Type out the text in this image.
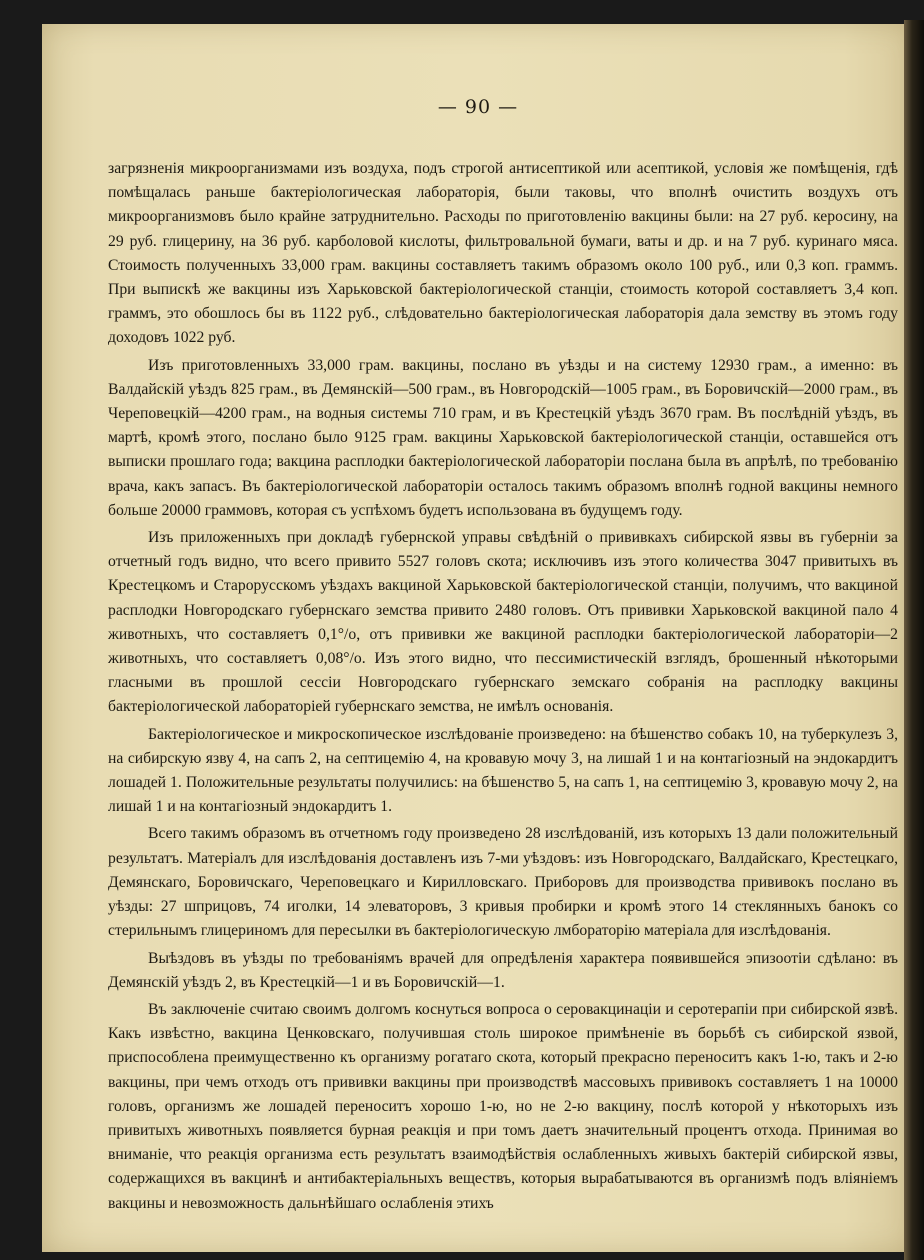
— 90 —

загрязненія микроорганизмами изъ воздуха, подъ строгой антисептикой или асептикой, условія же помѣщенія, гдѣ помѣщалась раньше бактеріологическая лабораторія, были таковы, что вполнѣ очистить воздухъ отъ микроорганизмовъ было крайне затруднительно. Расходы по приготовленію вакцины были: на 27 руб. керосину, на 29 руб. глицерину, на 36 руб. карболовой кислоты, фильтровальной бумаги, ваты и др. и на 7 руб. куринаго мяса. Стоимость полученныхъ 33,000 грам. вакцины составляетъ такимъ образомъ около 100 руб., или 0,3 коп. граммъ. При выпискѣ же вакцины изъ Харьковской бактеріологической станціи, стоимость которой составляетъ 3,4 коп. граммъ, это обошлось бы въ 1122 руб., слѣдовательно бактеріологическая лабораторія дала земству въ этомъ году доходовъ 1022 руб.

Изъ приготовленныхъ 33,000 грам. вакцины, послано въ уѣзды и на систему 12930 грам., а именно: въ Валдайскій уѣздъ 825 грам., въ Демянскій—500 грам., въ Новгородскій—1005 грам., въ Боровичскій—2000 грам., въ Череповецкій—4200 грам., на водныя системы 710 грам, и въ Крестецкій уѣздъ 3670 грам. Въ послѣдній уѣздъ, въ мартѣ, кромѣ этого, послано было 9125 грам. вакцины Харьковской бактеріологической станціи, оставшейся отъ выписки прошлаго года; вакцина расплодки бактеріологической лабораторіи послана была въ апрѣлѣ, по требованію врача, какъ запасъ. Въ бактеріологической лабораторіи осталось такимъ образомъ вполнѣ годной вакцины немного больше 20000 граммовъ, которая съ успѣхомъ будетъ использована въ будущемъ году.

Изъ приложенныхъ при докладѣ губернской управы свѣдѣній о прививкахъ сибирской язвы въ губерніи за отчетный годъ видно, что всего привито 5527 головъ скота; исключивъ изъ этого количества 3047 привитыхъ въ Крестецкомъ и Старорусскомъ уѣздахъ вакциной Харьковской бактеріологической станціи, получимъ, что вакциной расплодки Новгородскаго губернскаго земства привито 2480 головъ. Отъ прививки Харьковской вакциной пало 4 животныхъ, что составляетъ 0,1°/о, отъ прививки же вакциной расплодки бактеріологической лабораторіи—2 животныхъ, что составляетъ 0,08°/о. Изъ этого видно, что пессимистическій взглядъ, брошенный нѣкоторыми гласными въ прошлой сессіи Новгородскаго губернскаго земскаго собранія на расплодку вакцины бактеріологической лабораторіей губернскаго земства, не имѣлъ основанія.

Бактеріологическое и микроскопическое изслѣдованіе произведено: на бѣшенство собакъ 10, на туберкулезъ 3, на сибирскую язву 4, на сапъ 2, на септицемію 4, на кровавую мочу 3, на лишай 1 и на контагіозный на эндокардитъ лошадей 1. Положительные результаты получились: на бѣшенство 5, на сапъ 1, на септицемію 3, кровавую мочу 2, на лишай 1 и на контагіозный эндокардитъ 1.

Всего такимъ образомъ въ отчетномъ году произведено 28 изслѣдованій, изъ которыхъ 13 дали положительный результатъ. Матеріалъ для изслѣдованія доставленъ изъ 7-ми уѣздовъ: изъ Новгородскаго, Валдайскаго, Крестецкаго, Демянскаго, Боровичскаго, Череповецкаго и Кирилловскаго. Приборовъ для производства прививокъ послано въ уѣзды: 27 шприцовъ, 74 иголки, 14 элеваторовъ, 3 кривыя пробирки и кромѣ этого 14 стеклянныхъ банокъ со стерильнымъ глицериномъ для пересылки въ бактеріологическую лмбораторію матеріала для изслѣдованія.

Выѣздовъ въ уѣзды по требованіямъ врачей для опредѣленія характера появившейся эпизоотіи сдѣлано: въ Демянскій уѣздъ 2, въ Крестецкій—1 и въ Боровичскій—1.

Въ заключеніе считаю своимъ долгомъ коснуться вопроса о серовакцинаціи и серотерапіи при сибирской язвѣ. Какъ извѣстно, вакцина Ценковскаго, получившая столь широкое примѣненіе въ борьбѣ съ сибирской язвой, приспособлена преимущественно къ организму рогатаго скота, который прекрасно переноситъ какъ 1-ю, такъ и 2-ю вакцины, при чемъ отходъ отъ прививки вакцины при производствѣ массовыхъ прививокъ составляетъ 1 на 10000 головъ, организмъ же лошадей переноситъ хорошо 1-ю, но не 2-ю вакцину, послѣ которой у нѣкоторыхъ изъ привитыхъ животныхъ появляется бурная реакція и при томъ даетъ значительный процентъ отхода. Принимая во вниманіе, что реакція организма есть результатъ взаимодѣйствія ослабленныхъ живыхъ бактерій сибирской язвы, содержащихся въ вакцинѣ и антибактеріальныхъ веществъ, которыя вырабатываются въ организмѣ подъ вліяніемъ вакцины и невозможность дальнѣйшаго ослабленія этихъ
